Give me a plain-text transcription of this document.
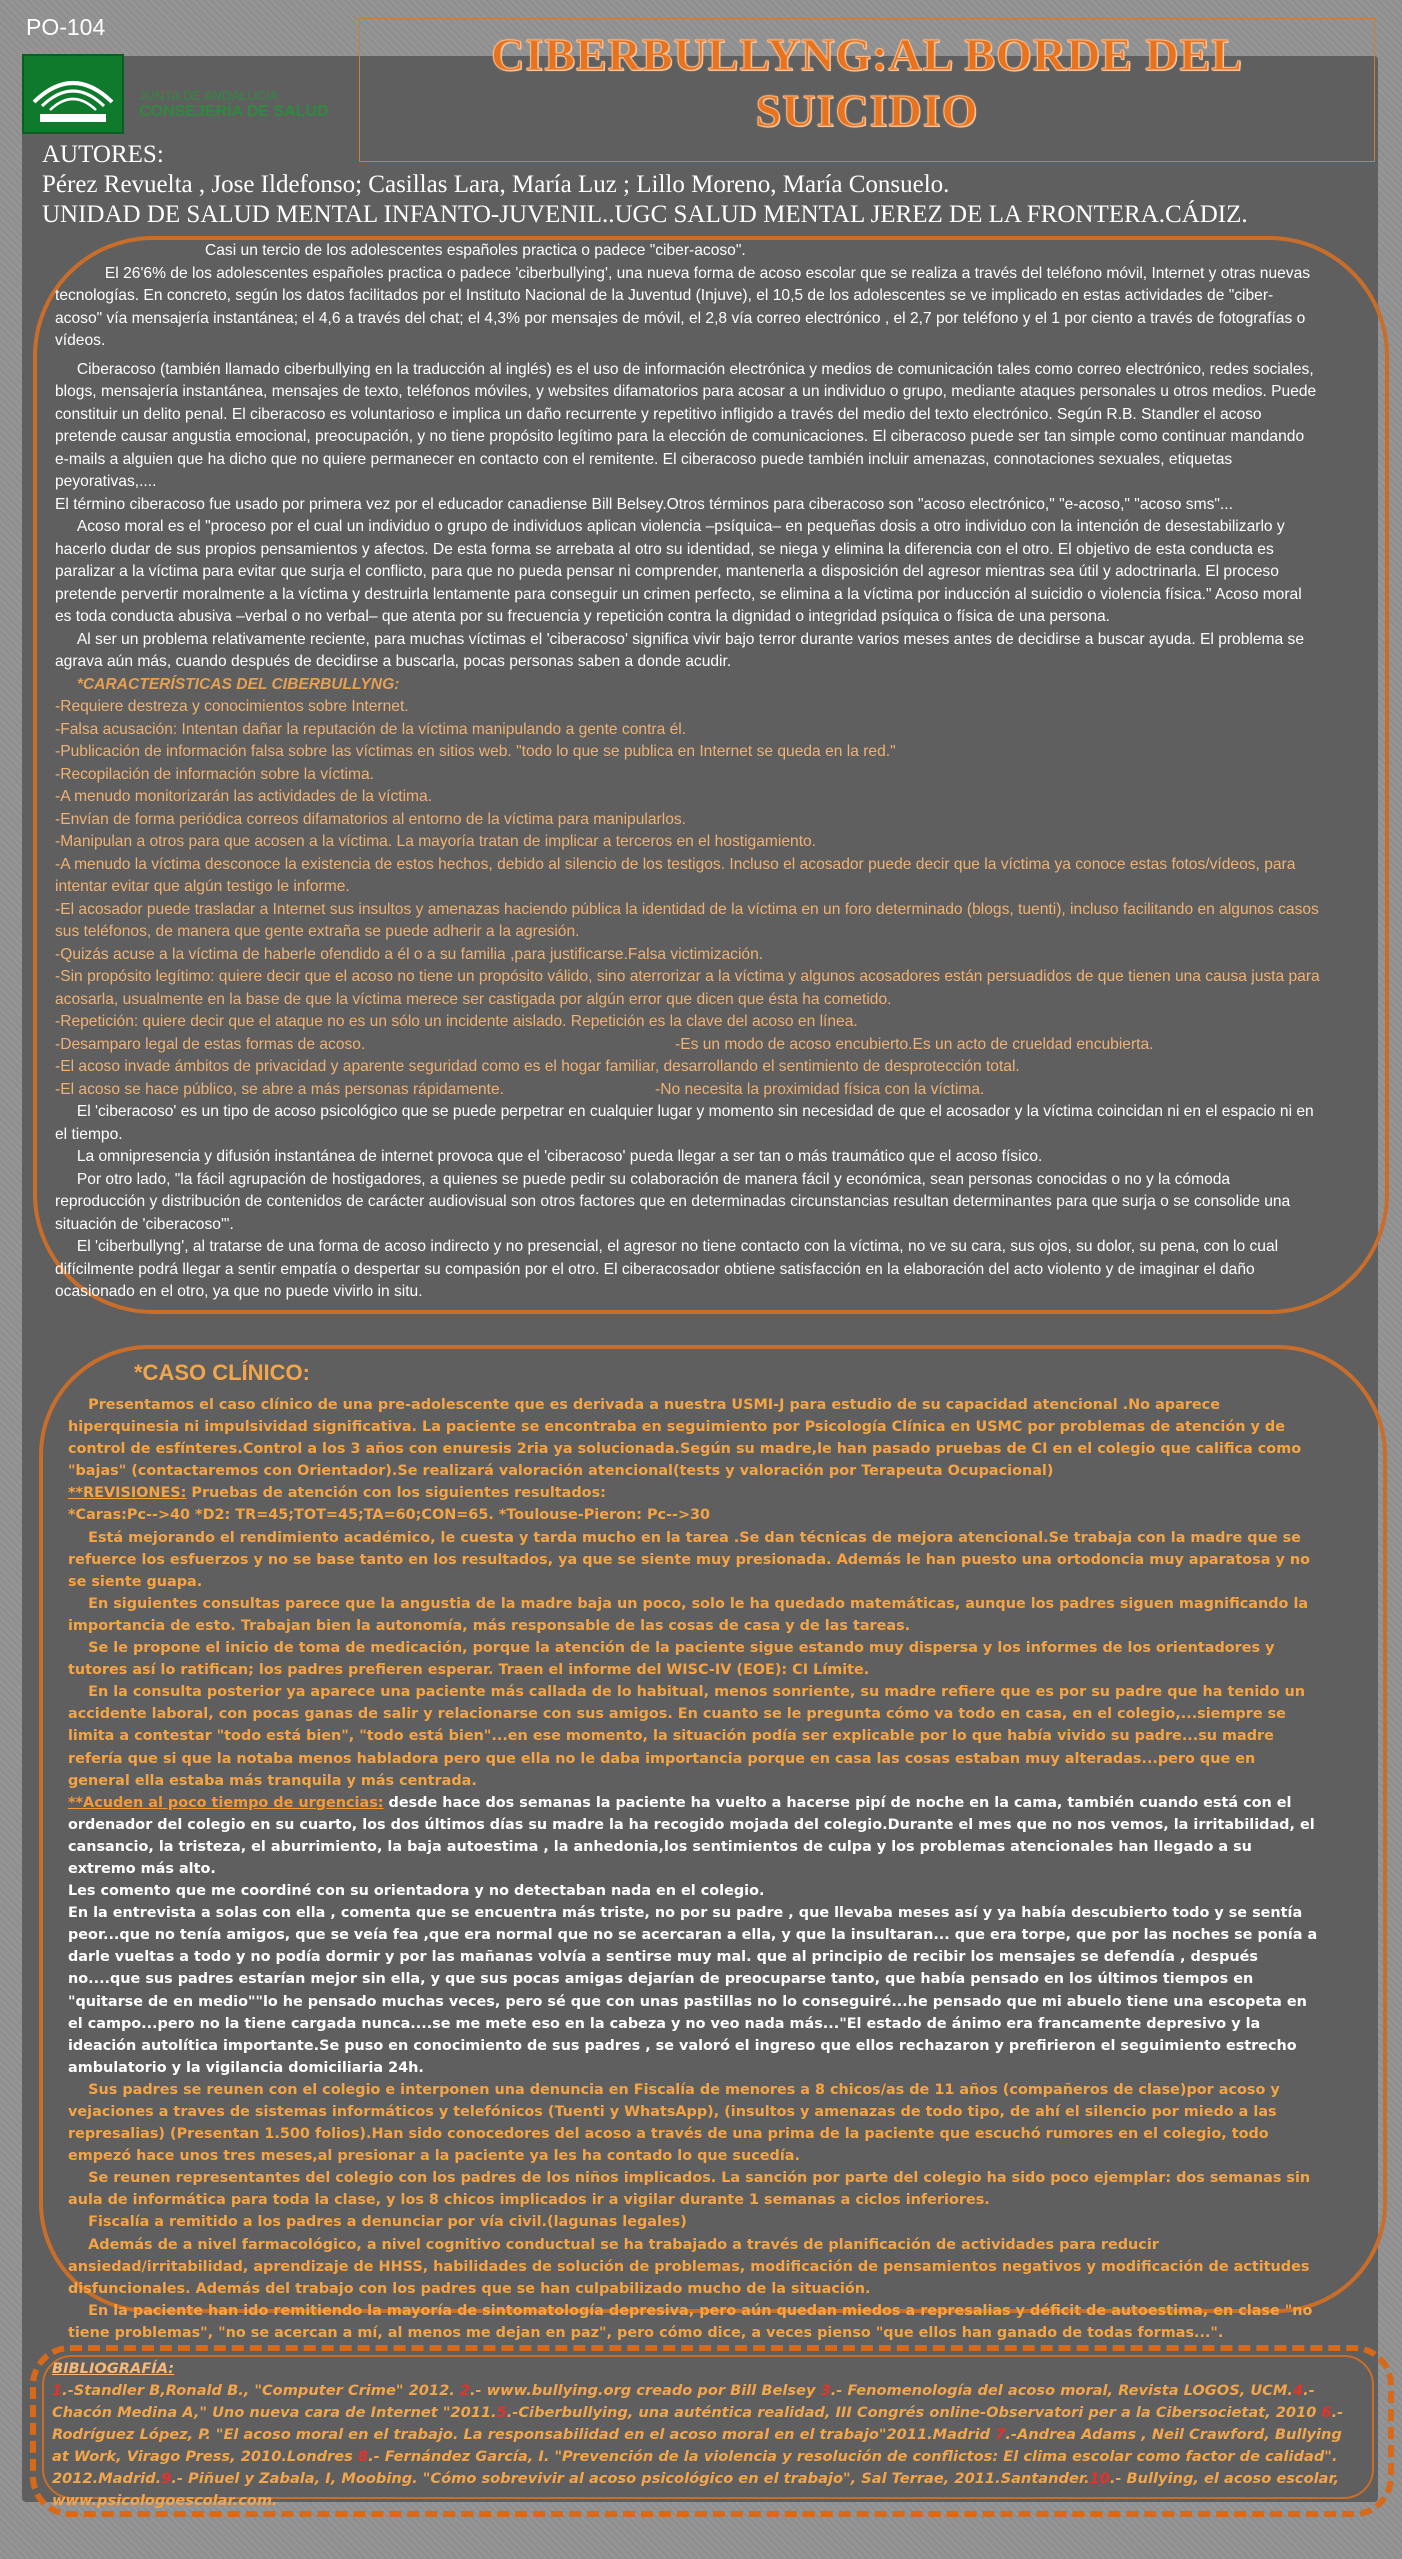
PO-104
JUNTA DE ANDALUCIA
CONSEJERÍA DE SALUD
CIBERBULLYNG:AL BORDE DEL
SUICIDIO
AUTORES:
Pérez Revuelta , Jose Ildefonso; Casillas Lara, María Luz ; Lillo Moreno, María Consuelo.
UNIDAD DE SALUD MENTAL INFANTO-JUVENIL..UGC SALUD MENTAL JEREZ DE LA FRONTERA.CÁDIZ.

Casi un tercio de los adolescentes españoles practica o padece "ciber-acoso".

El 26'6% de los adolescentes españoles practica o padece 'ciberbullying', una nueva forma de acoso escolar que se realiza a través del teléfono móvil, Internet y otras nuevas tecnologías. En concreto, según los datos facilitados por el Instituto Nacional de la Juventud (Injuve), el 10,5 de los adolescentes se ve implicado en estas actividades de "ciber-acoso" vía mensajería instantánea; el 4,6 a través del chat; el 4,3% por mensajes de móvil, el 2,8 vía correo electrónico , el 2,7 por teléfono y el 1 por ciento a través de fotografías o vídeos.

Ciberacoso (también llamado ciberbullying en la traducción al inglés) es el uso de información electrónica y medios de comunicación tales como correo electrónico, redes sociales, blogs, mensajería instantánea, mensajes de texto, teléfonos móviles, y websites difamatorios para acosar a un individuo o grupo, mediante ataques personales u otros medios. Puede constituir un delito penal. El ciberacoso es voluntarioso e implica un daño recurrente y repetitivo infligido a través del medio del texto electrónico. Según R.B. Standler el acoso pretende causar angustia emocional, preocupación, y no tiene propósito legítimo para la elección de comunicaciones. El ciberacoso puede ser tan simple como continuar mandando e-mails a alguien que ha dicho que no quiere permanecer en contacto con el remitente. El ciberacoso puede también incluir amenazas, connotaciones sexuales, etiquetas peyorativas,....

El término ciberacoso fue usado por primera vez por el educador canadiense Bill Belsey.Otros términos para ciberacoso son "acoso electrónico," "e-acoso," "acoso sms"...

Acoso moral es el "proceso por el cual un individuo o grupo de individuos aplican violencia –psíquica– en pequeñas dosis a otro individuo con la intención de desestabilizarlo y hacerlo dudar de sus propios pensamientos y afectos. De esta forma se arrebata al otro su identidad, se niega y elimina la diferencia con el otro. El objetivo de esta conducta es paralizar a la víctima para evitar que surja el conflicto, para que no pueda pensar ni comprender, mantenerla a disposición del agresor mientras sea útil y adoctrinarla. El proceso pretende pervertir moralmente a la víctima y destruirla lentamente para conseguir un crimen perfecto, se elimina a la víctima por inducción al suicidio o violencia física." Acoso moral es toda conducta abusiva –verbal o no verbal– que atenta por su frecuencia y repetición contra la dignidad o integridad psíquica o física de una persona.

Al ser un problema relativamente reciente, para muchas víctimas el 'ciberacoso' significa vivir bajo terror durante varios meses antes de decidirse a buscar ayuda. El problema se agrava aún más, cuando después de decidirse a buscarla, pocas personas saben a donde acudir.

*CARACTERÍSTICAS DEL CIBERBULLYNG:

-Requiere destreza y conocimientos sobre Internet.

-Falsa acusación: Intentan dañar la reputación de la víctima manipulando a gente contra él.

-Publicación de información falsa sobre las víctimas en sitios web. "todo lo que se publica en Internet se queda en la red."

-Recopilación de información sobre la víctima.

-A menudo monitorizarán las actividades de la víctima.

-Envían de forma periódica correos difamatorios al entorno de la víctima para manipularlos.

-Manipulan a otros para que acosen a la víctima. La mayoría tratan de implicar a terceros en el hostigamiento.

-A menudo la víctima desconoce la existencia de estos hechos, debido al silencio de los testigos. Incluso el acosador puede decir que la víctima ya conoce estas fotos/vídeos, para intentar evitar que algún testigo le informe.

-El acosador puede trasladar a Internet sus insultos y amenazas haciendo pública la identidad de la víctima en un foro determinado (blogs, tuenti), incluso facilitando en algunos casos sus teléfonos, de manera que gente extraña se puede adherir a la agresión.

-Quizás acuse a la víctima de haberle ofendido a él o a su familia ,para justificarse.Falsa victimización.

-Sin propósito legítimo: quiere decir que el acoso no tiene un propósito válido, sino aterrorizar a la víctima y algunos acosadores están persuadidos de que tienen una causa justa para acosarla, usualmente en la base de que la víctima merece ser castigada por algún error que dicen que ésta ha cometido.

-Repetición: quiere decir que el ataque no es un sólo un incidente aislado. Repetición es la clave del acoso en línea.

-Desamparo legal de estas formas de acoso.	-Es un modo de acoso encubierto.Es un acto de crueldad encubierta.

-El acoso invade ámbitos de privacidad y aparente seguridad como es el hogar familiar, desarrollando el sentimiento de desprotección total.

-El acoso se hace público, se abre a más personas rápidamente.	-No necesita la proximidad física con la víctima.

El 'ciberacoso' es un tipo de acoso psicológico que se puede perpetrar en cualquier lugar y momento sin necesidad de que el acosador y la víctima coincidan ni en el espacio ni en el tiempo.

La omnipresencia y difusión instantánea de internet provoca que el 'ciberacoso' pueda llegar a ser tan o más traumático que el acoso físico.

Por otro lado, "la fácil agrupación de hostigadores, a quienes se puede pedir su colaboración de manera fácil y económica, sean personas conocidas o no y la cómoda reproducción y distribución de contenidos de carácter audiovisual son otros factores que en determinadas circunstancias resultan determinantes para que surja o se consolide una situación de 'ciberacoso'".

El 'ciberbullyng', al tratarse de una forma de acoso indirecto y no presencial, el agresor no tiene contacto con la víctima, no ve su cara, sus ojos, su dolor, su pena, con lo cual difícilmente podrá llegar a sentir empatía o despertar su compasión por el otro. El ciberacosador obtiene satisfacción en la elaboración del acto violento y de imaginar el daño ocasionado en el otro, ya que no puede vivirlo in situ.

*CASO CLÍNICO:

Presentamos el caso clínico de una pre-adolescente que es derivada a nuestra USMI-J para estudio de su capacidad atencional .No aparece hiperquinesia ni impulsividad significativa. La paciente se encontraba en seguimiento por Psicología Clínica en USMC por problemas de atención y de control de esfínteres.Control a los 3 años con enuresis 2ria ya solucionada.Según su madre,le han pasado pruebas de CI en el colegio que califica como "bajas" (contactaremos con Orientador).Se realizará valoración atencional(tests y valoración por Terapeuta Ocupacional)

**REVISIONES: Pruebas de atención con los siguientes resultados:

*Caras:Pc-->40 *D2: TR=45;TOT=45;TA=60;CON=65. *Toulouse-Pieron: Pc-->30

Está mejorando el rendimiento académico, le cuesta y tarda mucho en la tarea .Se dan técnicas de mejora atencional.Se trabaja con la madre que se refuerce los esfuerzos y no se base tanto en los resultados, ya que se siente muy presionada. Además le han puesto una ortodoncia muy aparatosa y no se siente guapa.

En siguientes consultas parece que la angustia de la madre baja un poco, solo le ha quedado matemáticas, aunque los padres siguen magnificando la importancia de esto. Trabajan bien la autonomía, más responsable de las cosas de casa y de las tareas.

Se le propone el inicio de toma de medicación, porque la atención de la paciente sigue estando muy dispersa y los informes de los orientadores y tutores así lo ratifican; los padres prefieren esperar. Traen el informe del WISC-IV (EOE): CI Límite.

En la consulta posterior ya aparece una paciente más callada de lo habitual, menos sonriente, su madre refiere que es por su padre que ha tenido un accidente laboral, con pocas ganas de salir y relacionarse con sus amigos. En cuanto se le pregunta cómo va todo en casa, en el colegio,...siempre se limita a contestar "todo está bien", "todo está bien"...en ese momento, la situación podía ser explicable por lo que había vivido su padre...su madre refería que si que la notaba menos habladora pero que ella no le daba importancia porque en casa las cosas estaban muy alteradas...pero que en general ella estaba más tranquila y más centrada.

**Acuden al poco tiempo de urgencias: desde hace dos semanas la paciente ha vuelto a hacerse pipí de noche en la cama, también cuando está con el ordenador del colegio en su cuarto, los dos últimos días su madre la ha recogido mojada del colegio.Durante el mes que no nos vemos, la irritabilidad, el cansancio, la tristeza, el aburrimiento, la baja autoestima , la anhedonia,los sentimientos de culpa y los problemas atencionales han llegado a su extremo más alto.

Les comento que me coordiné con su orientadora y no detectaban nada en el colegio.

En la entrevista a solas con ella , comenta que se encuentra más triste, no por su padre , que llevaba meses así y ya había descubierto todo y se sentía peor...que no tenía amigos, que se veía fea ,que era normal que no se acercaran a ella, y que la insultaran... que era torpe, que por las noches se ponía a darle vueltas a todo y no podía dormir y por las mañanas volvía a sentirse muy mal. que al principio de recibir los mensajes se defendía , después no....que sus padres estarían mejor sin ella, y que sus pocas amigas dejarían de preocuparse tanto, que había pensado en los últimos tiempos en "quitarse de en medio""lo he pensado muchas veces, pero sé que con unas pastillas no lo conseguiré...he pensado que mi abuelo tiene una escopeta en el campo...pero no la tiene cargada nunca....se me mete eso en la cabeza y no veo nada más..."El estado de ánimo era francamente depresivo y la ideación autolítica importante.Se puso en conocimiento de sus padres , se valoró el ingreso que ellos rechazaron y prefirieron el seguimiento estrecho ambulatorio y la vigilancia domiciliaria 24h.

Sus padres se reunen con el colegio e interponen una denuncia en Fiscalía de menores a 8 chicos/as de 11 años (compañeros de clase)por acoso y vejaciones a traves de sistemas informáticos y telefónicos (Tuenti y WhatsApp), (insultos y amenazas de todo tipo, de ahí el silencio por miedo a las represalias) (Presentan 1.500 folios).Han sido conocedores del acoso a través de una prima de la paciente que escuchó rumores en el colegio, todo empezó hace unos tres meses,al presionar a la paciente ya les ha contado lo que sucedía.

Se reunen representantes del colegio con los padres de los niños implicados. La sanción por parte del colegio ha sido poco ejemplar: dos semanas sin aula de informática para toda la clase, y los 8 chicos implicados ir a vigilar durante 1 semanas a ciclos inferiores.

Fiscalía a remitido a los padres a denunciar por vía civil.(lagunas legales)

Además de a nivel farmacológico, a nivel cognitivo conductual se ha trabajado a través de planificación de actividades para reducir ansiedad/irritabilidad, aprendizaje de HHSS, habilidades de solución de problemas, modificación de pensamientos negativos y modificación de actitudes disfuncionales. Además del trabajo con los padres que se han culpabilizado mucho de la situación.

En la paciente han ido remitiendo la mayoría de sintomatología depresiva, pero aún quedan miedos a represalias y déficit de autoestima, en clase "no tiene problemas", "no se acercan a mí, al menos me dejan en paz", pero cómo dice, a veces pienso "que ellos han ganado de todas formas...".

BIBLIOGRAFÍA:
1.-Standler B,Ronald B., "Computer Crime" 2012. 2.- www.bullying.org creado por Bill Belsey 3.- Fenomenología del acoso moral, Revista LOGOS, UCM.4.- Chacón Medina A," Uno nueva cara de Internet "2011.5.-Ciberbullying, una auténtica realidad, III Congrés online-Observatori per a la Cibersocietat, 2010 6.- Rodríguez López, P. "El acoso moral en el trabajo. La responsabilidad en el acoso moral en el trabajo"2011.Madrid 7.-Andrea Adams , Neil Crawford, Bullying at Work, Virago Press, 2010.Londres 8.- Fernández García, I. "Prevención de la violencia y resolución de conflictos: El clima escolar como factor de calidad". 2012.Madrid.9.- Piñuel y Zabala, I, Moobing. "Cómo sobrevivir al acoso psicológico en el trabajo", Sal Terrae, 2011.Santander.10.- Bullying, el acoso escolar, www.psicologoescolar.com.
